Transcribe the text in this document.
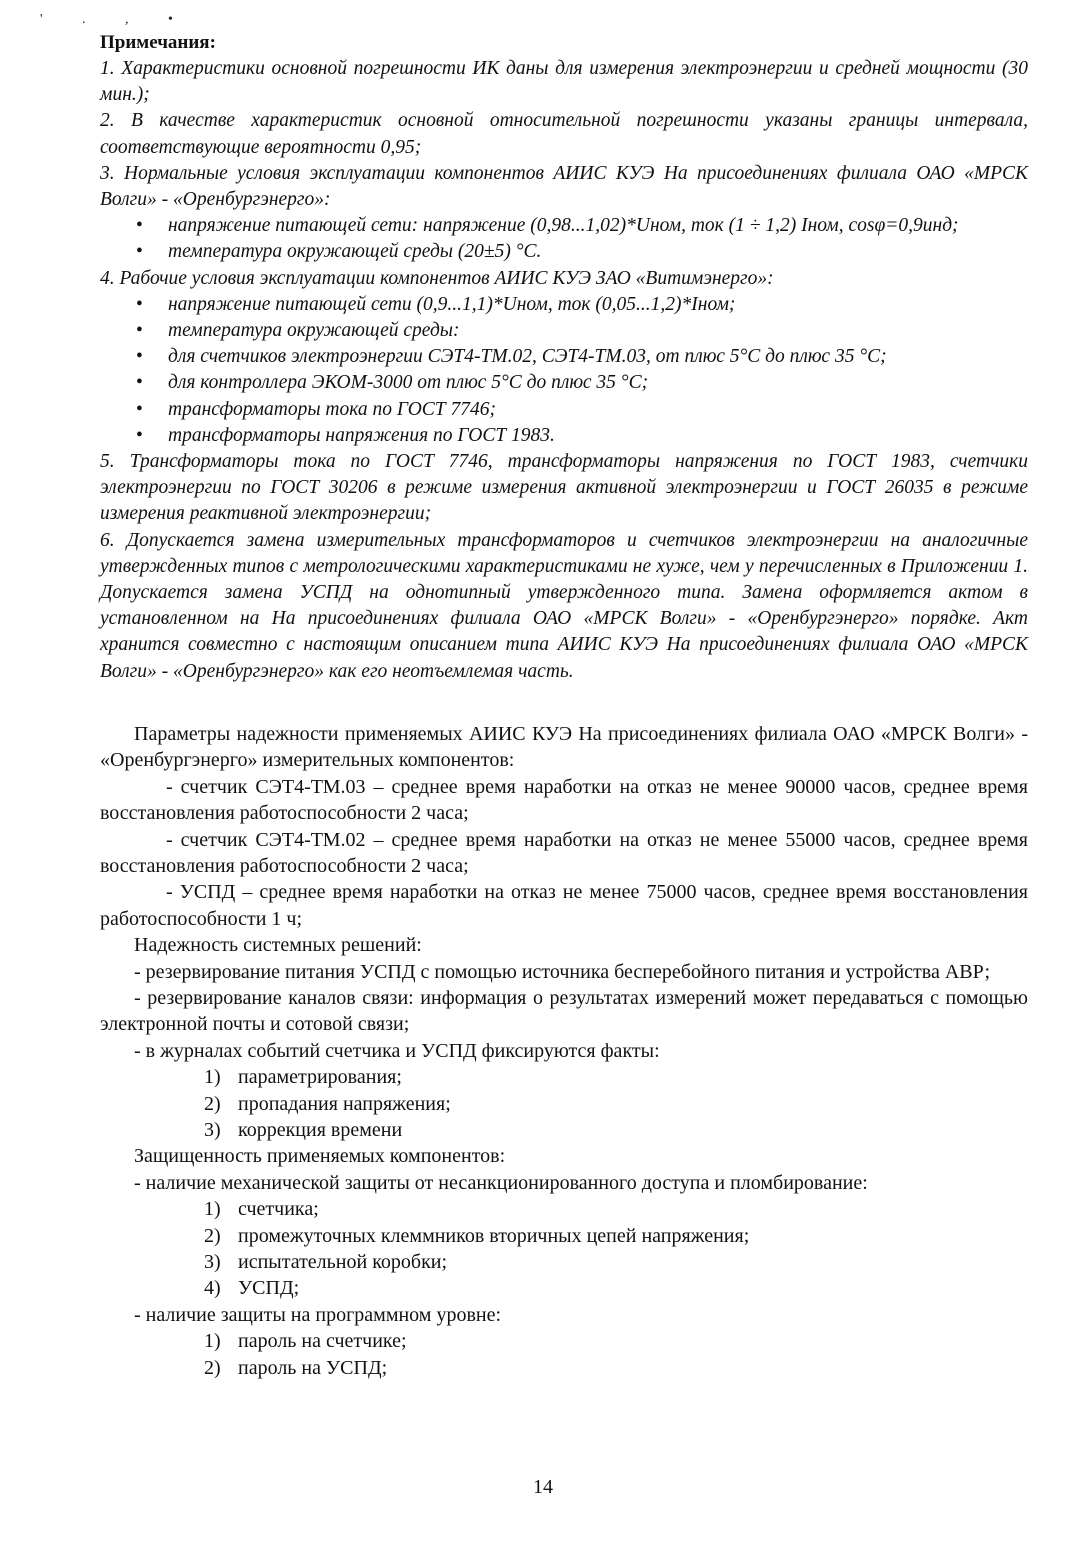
' . , •

Примечания:

1. Характеристики основной погрешности ИК даны для измерения электроэнергии и средней мощности (30 мин.);

2. В качестве характеристик основной относительной погрешности указаны границы интервала, соответствующие вероятности 0,95;

3. Нормальные условия эксплуатации компонентов АИИС КУЭ На присоединениях филиала ОАО «МРСК Волги» - «Оренбургэнерго»:

• напряжение питающей сети: напряжение (0,98...1,02)*Uном, ток (1 ÷ 1,2) Iном, cosφ=0,9инд;
• температура окружающей среды (20±5) °С.

4. Рабочие условия эксплуатации компонентов АИИС КУЭ ЗАО «Витимэнерго»:

• напряжение питающей сети (0,9...1,1)*Uном, ток (0,05...1,2)*Iном;
• температура окружающей среды:
• для счетчиков электроэнергии СЭТ4-ТМ.02, СЭТ4-ТМ.03, от плюс 5°С до плюс 35 °С;
• для контроллера ЭКОМ-3000 от плюс 5°С до плюс 35 °С;
• трансформаторы тока по ГОСТ 7746;
• трансформаторы напряжения по ГОСТ 1983.

5. Трансформаторы тока по ГОСТ 7746, трансформаторы напряжения по ГОСТ 1983, счетчики электроэнергии по ГОСТ 30206 в режиме измерения активной электроэнергии и ГОСТ 26035 в режиме измерения реактивной электроэнергии;

6. Допускается замена измерительных трансформаторов и счетчиков электроэнергии на аналогичные утвержденных типов с метрологическими характеристиками не хуже, чем у перечисленных в Приложении 1. Допускается замена УСПД на однотипный утвержденного типа. Замена оформляется актом в установленном на На присоединениях филиала ОАО «МРСК Волги» - «Оренбургэнерго» порядке. Акт хранится совместно с настоящим описанием типа АИИС КУЭ На присоединениях филиала ОАО «МРСК Волги» - «Оренбургэнерго» как его неотъемлемая часть.

Параметры надежности применяемых АИИС КУЭ На присоединениях филиала ОАО «МРСК Волги» - «Оренбургэнерго» измерительных компонентов:

- счетчик СЭТ4-ТМ.03 – среднее время наработки на отказ не менее 90000 часов, среднее время восстановления работоспособности 2 часа;

- счетчик СЭТ4-ТМ.02 – среднее время наработки на отказ не менее 55000 часов, среднее время восстановления работоспособности 2 часа;

- УСПД – среднее время наработки на отказ не менее 75000 часов, среднее время восстановления работоспособности 1 ч;

Надежность системных решений:

- резервирование питания УСПД с помощью источника бесперебойного питания и устройства АВР;

- резервирование каналов связи: информация о результатах измерений может передаваться с помощью электронной почты и сотовой связи;

- в журналах событий счетчика и УСПД фиксируются факты:

1) параметрирования;
2) пропадания напряжения;
3) коррекция времени

Защищенность применяемых компонентов:

- наличие механической защиты от несанкционированного доступа и пломбирование:

1) счетчика;
2) промежуточных клеммников вторичных цепей напряжения;
3) испытательной коробки;
4) УСПД;

- наличие защиты на программном уровне:

1) пароль на счетчике;
2) пароль на УСПД;
14
